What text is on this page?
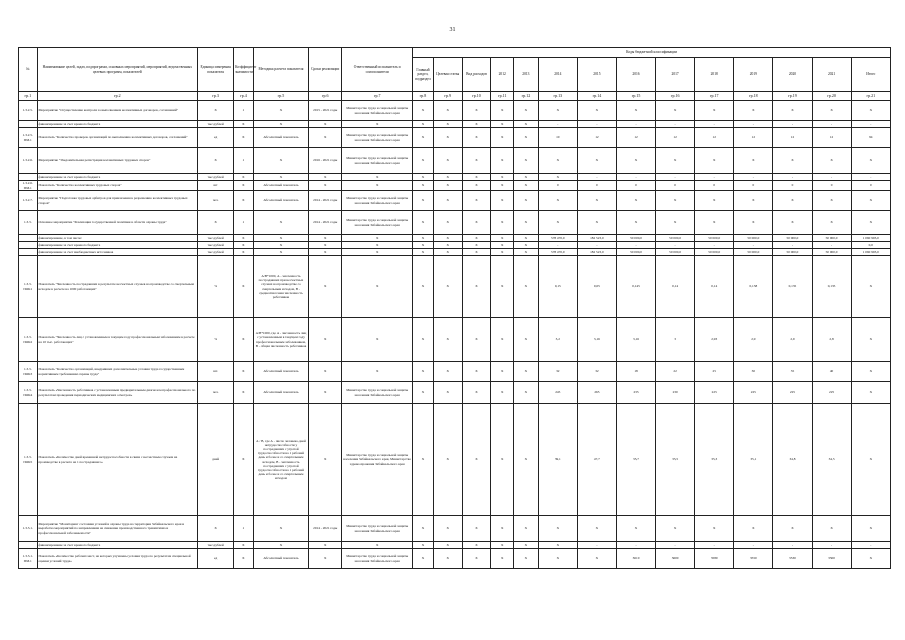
31
№	Наименование целей, задач, подпрограмм, основных мероприятий, мероприятий, ведомственных целевых программ, показателей	Единица измерения показателя	Коэффициент значимости	Методика расчета показателя	Сроки реализации	Ответственный исполнитель и соисполнители	Коды бюджетной классификации													
							Главный раздел, подраздел	Целевая статья	Вид расходов	2012	2013	2014	2015	2016	2017	2018	2019	2020	2021	Итого
гр.1	гр.2	гр.3	гр.4	гр.5	гр.6	гр.7	гр.8	гр.9	гр.10	гр.11	гр.12	гр.13	гр.14	гр.15	гр.16	гр.17	гр.18	гр.19	гр.20	гр.21
1.3.2.5.	Мероприятие "Осуществление контроля за выполнением коллективных договоров, соглашений"	X	1	X	2015 - 2021 годы	Министерство труда и социальной защиты населения Забайкальского края	X	X	X	X	X	X	X	X	X	X	X	X	X	X
	финансирование за счет краевого бюджета	тыс.рублей	X	X	X	X	X	X	X	X	X	-	-	-	-	-	-	-	-	-
1.3.2.5. ПМ.1	Показатель "Количество проверок организаций по выполнению коллективных договоров, соглашений"	ед	X	Абсолютный показатель	X	Министерство труда и социальной защиты населения Забайкальского края	X	X	X	X	X	10	12	12	12	12	12	12	12	94
1.3.2.6.	Мероприятие "Уведомительная регистрация коллективных трудовых споров"	X	1	X	2016 - 2021 годы	Министерство труда и социальной защиты населения Забайкальского края	X	X	X	X	X	X	X	X	X	X	X	X	X	X
	финансирование за счет краевого бюджета	тыс.рублей	X	X	X	X	X	X	X	X	X	X	-	-	-	-	-	-	-	-
1.3.2.6. ПМ.1	Показатель "Количество коллективных трудовых споров"	шт	X	Абсолютный показатель	X	X	X	X	X	X	X	0	0	0	0	0	0	0	0	0
1.3.2.7.	Мероприятие "Подготовка трудовых арбитров для привлечения к разрешению коллективных трудовых споров"	чел.	X	Абсолютный показатель	2014 - 2021 годы	Министерство труда и социальной защиты населения Забайкальского края	X	X	X	X	X	X	X	X	X	X	X	X	X	X
1.3.3.	Основное мероприятие "Реализация государственной политики в области охраны труда"	X	1	X	2014 - 2021 годы	Министерство труда и социальной защиты населения Забайкальского края	X	X	X	X	X	X	X	X	X	X	X	X	X	X
	финансирование, в том числе:	тыс.рублей	X	X	X	X	X	X	X	X	X	578 470,0	182 523,0	50 000,0	50 000,0	50 000,0	50 000,0	50 000,0	50 000,0	1 060 993,0
	финансирование за счет краевого бюджета	тыс.рублей	X	X	X	X	X	X	X	X	X	-	-	-	-	-	-	-	-	0,0
	финансирование за счет внебюджетных источников	тыс.рублей	X	X	X	X	X	X	X	X	X	578 470,0	182 523,0	50 000,0	50 000,0	50 000,0	50 000,0	50 000,0	50 000,0	1 060 993,0
1.3.3. ПОК1	Показатель "Численность пострадавших в результате несчастных случаев на производстве со смертельным исходом в расчете на 1000 работающих"	%	X	А/В*1000, А - численность пострадавших при несчастных случаях на производстве со смертельным исходом, В - среднесписочная численность работников	X	X	X	X	X	X	X	0,15	0,05	0,145	0,14	0,14	0,138	0,135	0,135	X
1.3.3. ПОК2	Показатель "Численность лиц с установленным в текущем году профессиональным заболеванием в расчете на 10 тыс. работающих"	%	X	А/В*1000, где А - численность лиц с установленным в текущем году профессиональным заболеванием, В - общая численность работников	X	X	X	X	X	X	X	3,2	3,16	3,16	3	2,93	2,9	2,9	2,8	X
1.3.3. ПОК3	Показатель "Количество организаций, внедривших дополнительные условия труда государственным нормативным требованиям охраны труда"	шт.	X	Абсолютный показатель	X	X	X	X	X	X	X	32	32	18	22	25	30	35	40	X
1.3.3. ПОК4	Показатель «Численность работников с установленным предварительным диагнозом профессионального по результатам проведения периодических медицинских осмотров»	чел.	X	Абсолютный показатель	X	Министерство труда и социальной защиты населения Забайкальского края	X	X	X	X	X	245	265	235	230	225	225	225	225	X
1.3.3. ПОК5	Показатель «Количество дней временной нетрудоспособности в связи с несчастным случаем на производстве в расчете на 1 пострадавшего»	дней	X	А / В, где А - число человеко-дней нетрудоспособности у пострадавших с утратой трудоспособности на 1 рабочий день и более и со смертельным исходом, В - численность пострадавших с утратой трудоспособности на 1 рабочий день и более и со смертельным исходом	X	Министерство труда и социальной защиты населения Забайкальского края, Министерство здравоохранения Забайкальского края	X	X	X	X	X	39,1	47,7	35,7	35,5	35,3	35,1	34,8	34,5	X
1.3.3.1.	Мероприятие "Мониторинг состояния условий и охраны труда на территории Забайкальского края и выработка мероприятий по направлениям на снижение производственного травматизма и профессиональной заболеваемости"	X	1	X	2014 - 2021 годы	Министерство труда и социальной защиты населения Забайкальского края	X	X	X	X	X	X	X	X	X	X	X	X	X	X
	финансирование за счет краевого бюджета	тыс.рублей	X	X	X	X	X	X	X	X	X	X	-	-	-	-	-	-	-	-
1.3.3.1. ПМ.1	Показатель «Количество рабочих мест, на которых улучшены условия труда по результатам специальной оценки условий труда»	ед	X	Абсолютный показатель	X	Министерство труда и социальной защиты населения Забайкальского края	X	X	X	X	X	X	X	3610	3600	3580	3550	3530	3500	X
